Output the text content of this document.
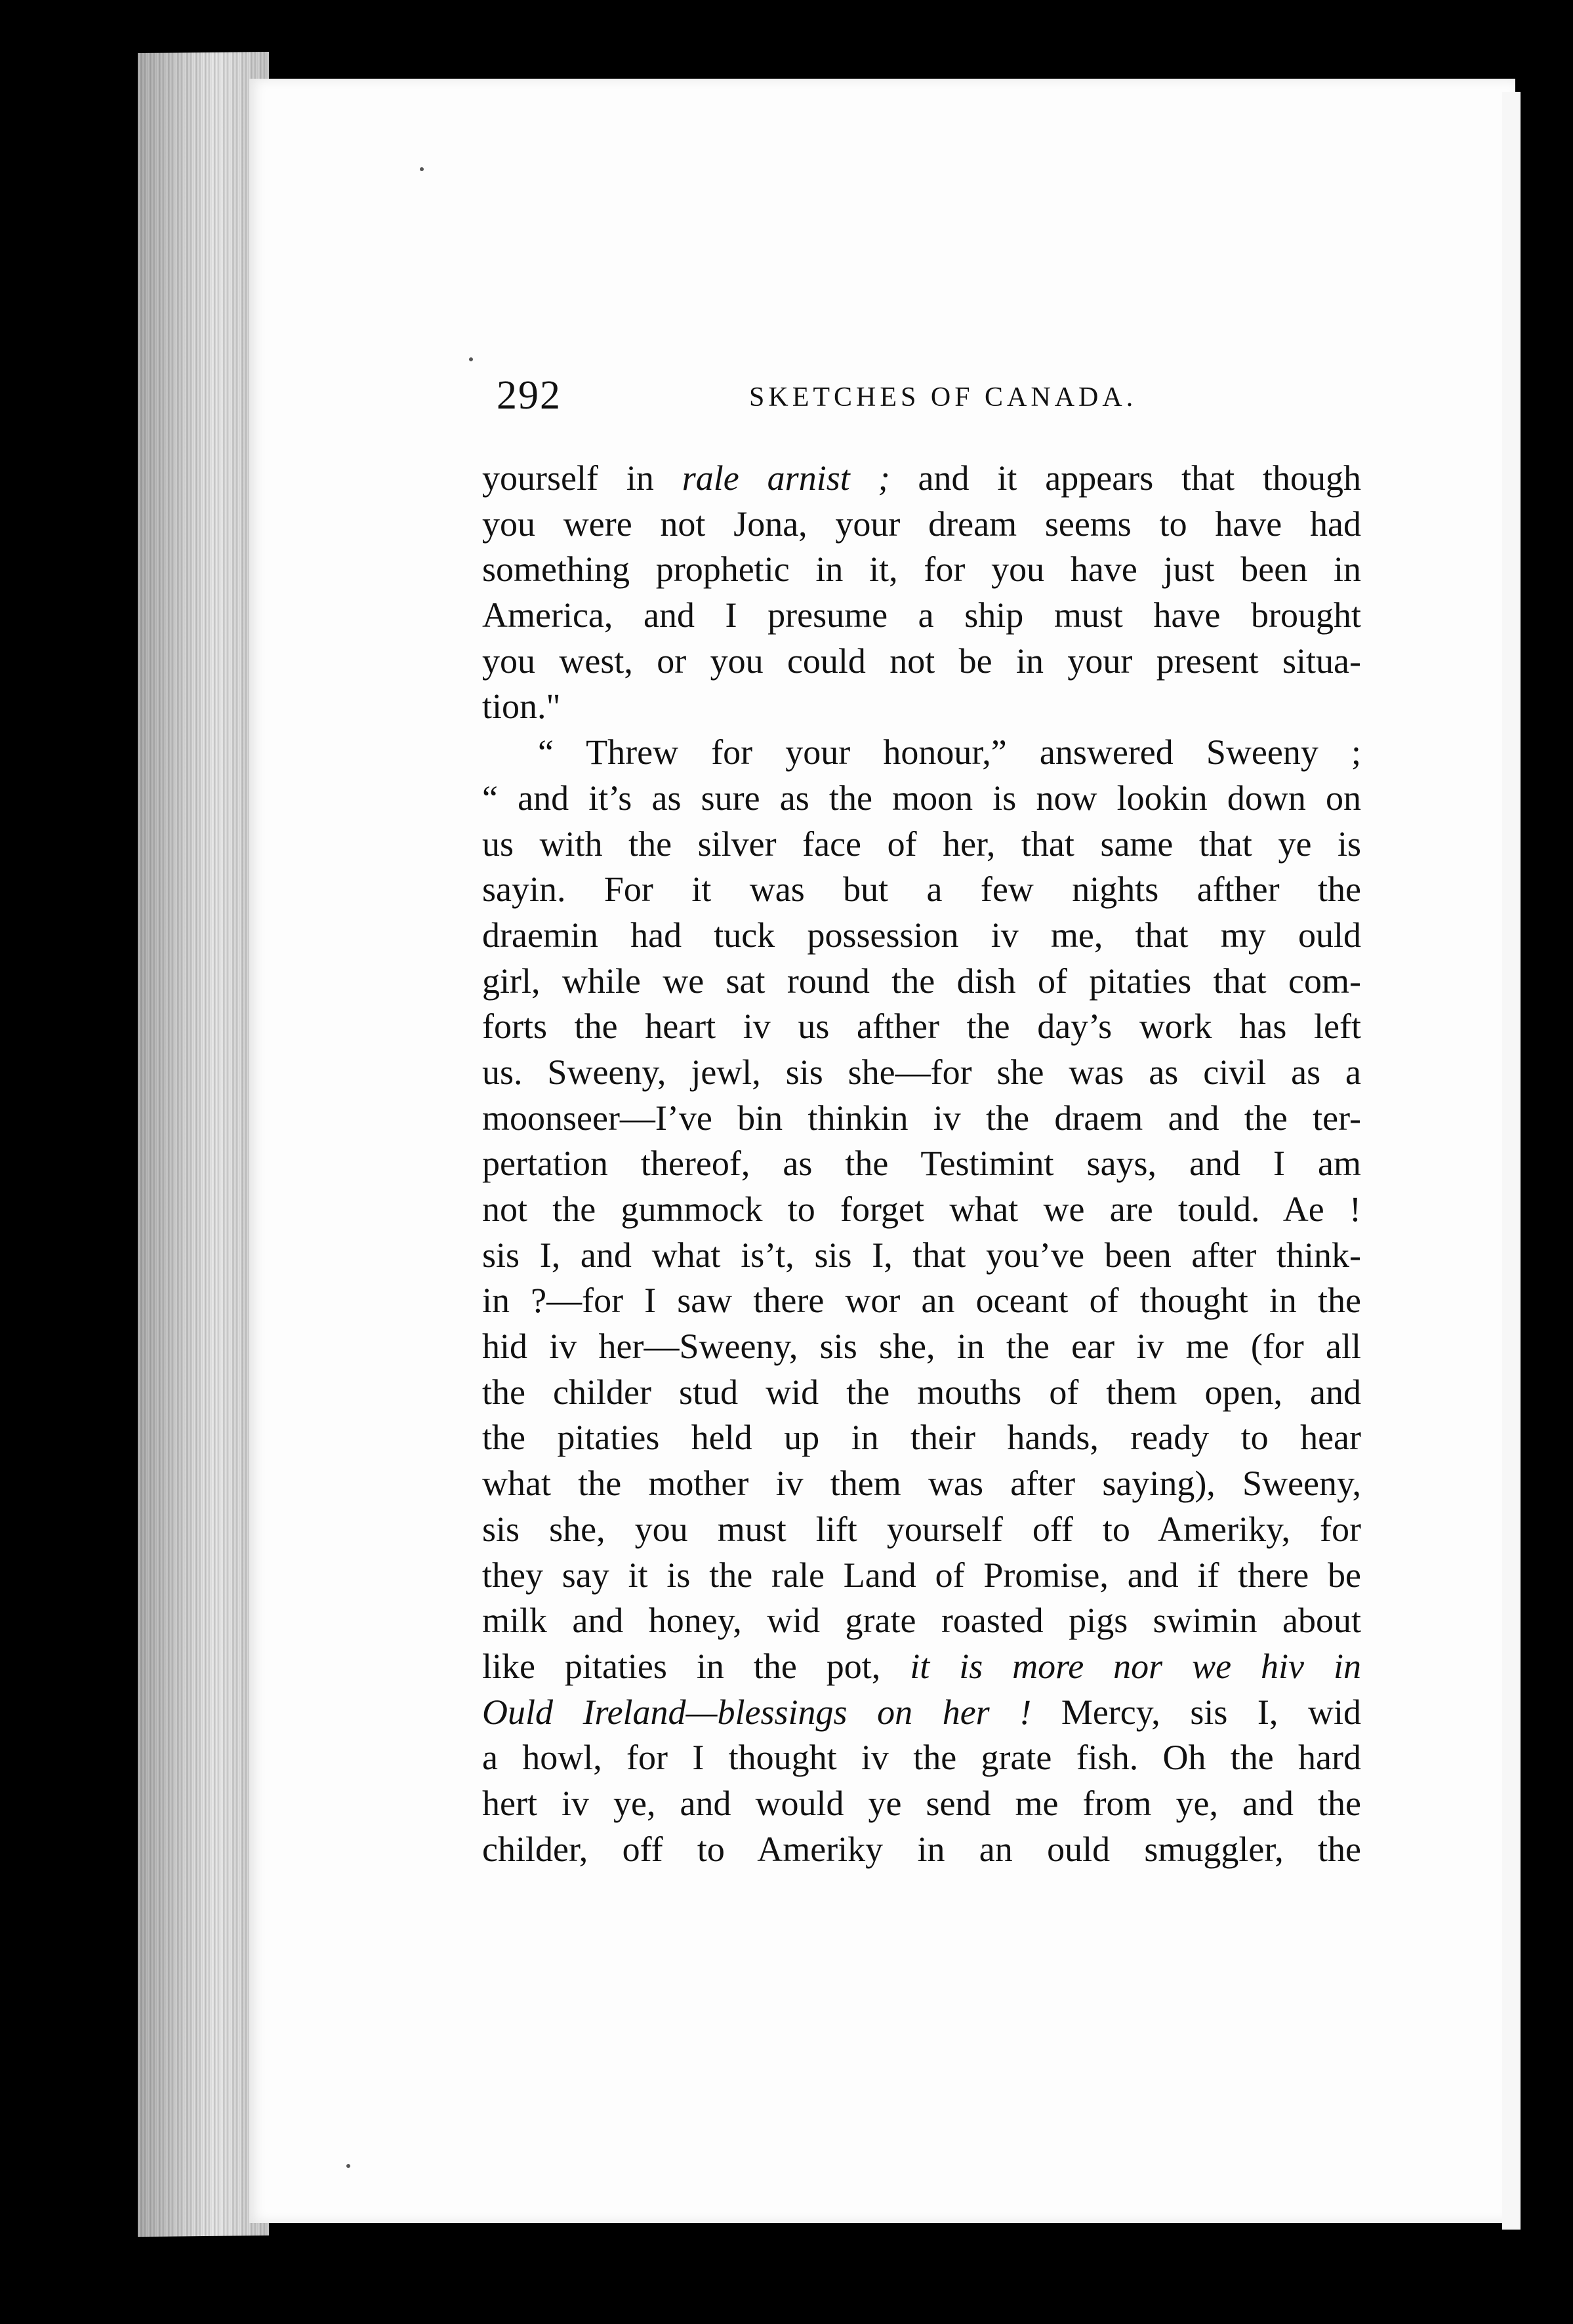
292	SKETCHES OF CANADA.
yourself in rale arnist ; and it appears that though
you were not Jona, your dream seems to have had
something prophetic in it, for you have just been in
America, and I presume a ship must have brought
you west, or you could not be in your present situa-
tion."
“ Threw for your honour,” answered Sweeny ;
“ and it’s as sure as the moon is now lookin down on
us with the silver face of her, that same that ye is
sayin. For it was but a few nights afther the
draemin had tuck possession iv me, that my ould
girl, while we sat round the dish of pitaties that com-
forts the heart iv us afther the day’s work has left
us. Sweeny, jewl, sis she—for she was as civil as a
moonseer—I’ve bin thinkin iv the draem and the ter-
pertation thereof, as the Testimint says, and I am
not the gummock to forget what we are tould. Ae !
sis I, and what is’t, sis I, that you’ve been after think-
in ?—for I saw there wor an oceant of thought in the
hid iv her—Sweeny, sis she, in the ear iv me (for all
the childer stud wid the mouths of them open, and
the pitaties held up in their hands, ready to hear
what the mother iv them was after saying), Sweeny,
sis she, you must lift yourself off to Ameriky, for
they say it is the rale Land of Promise, and if there be
milk and honey, wid grate roasted pigs swimin about
like pitaties in the pot, it is more nor we hiv in
Ould Ireland—blessings on her ! Mercy, sis I, wid
a howl, for I thought iv the grate fish. Oh the hard
hert iv ye, and would ye send me from ye, and the
childer, off to Ameriky in an ould smuggler, the
